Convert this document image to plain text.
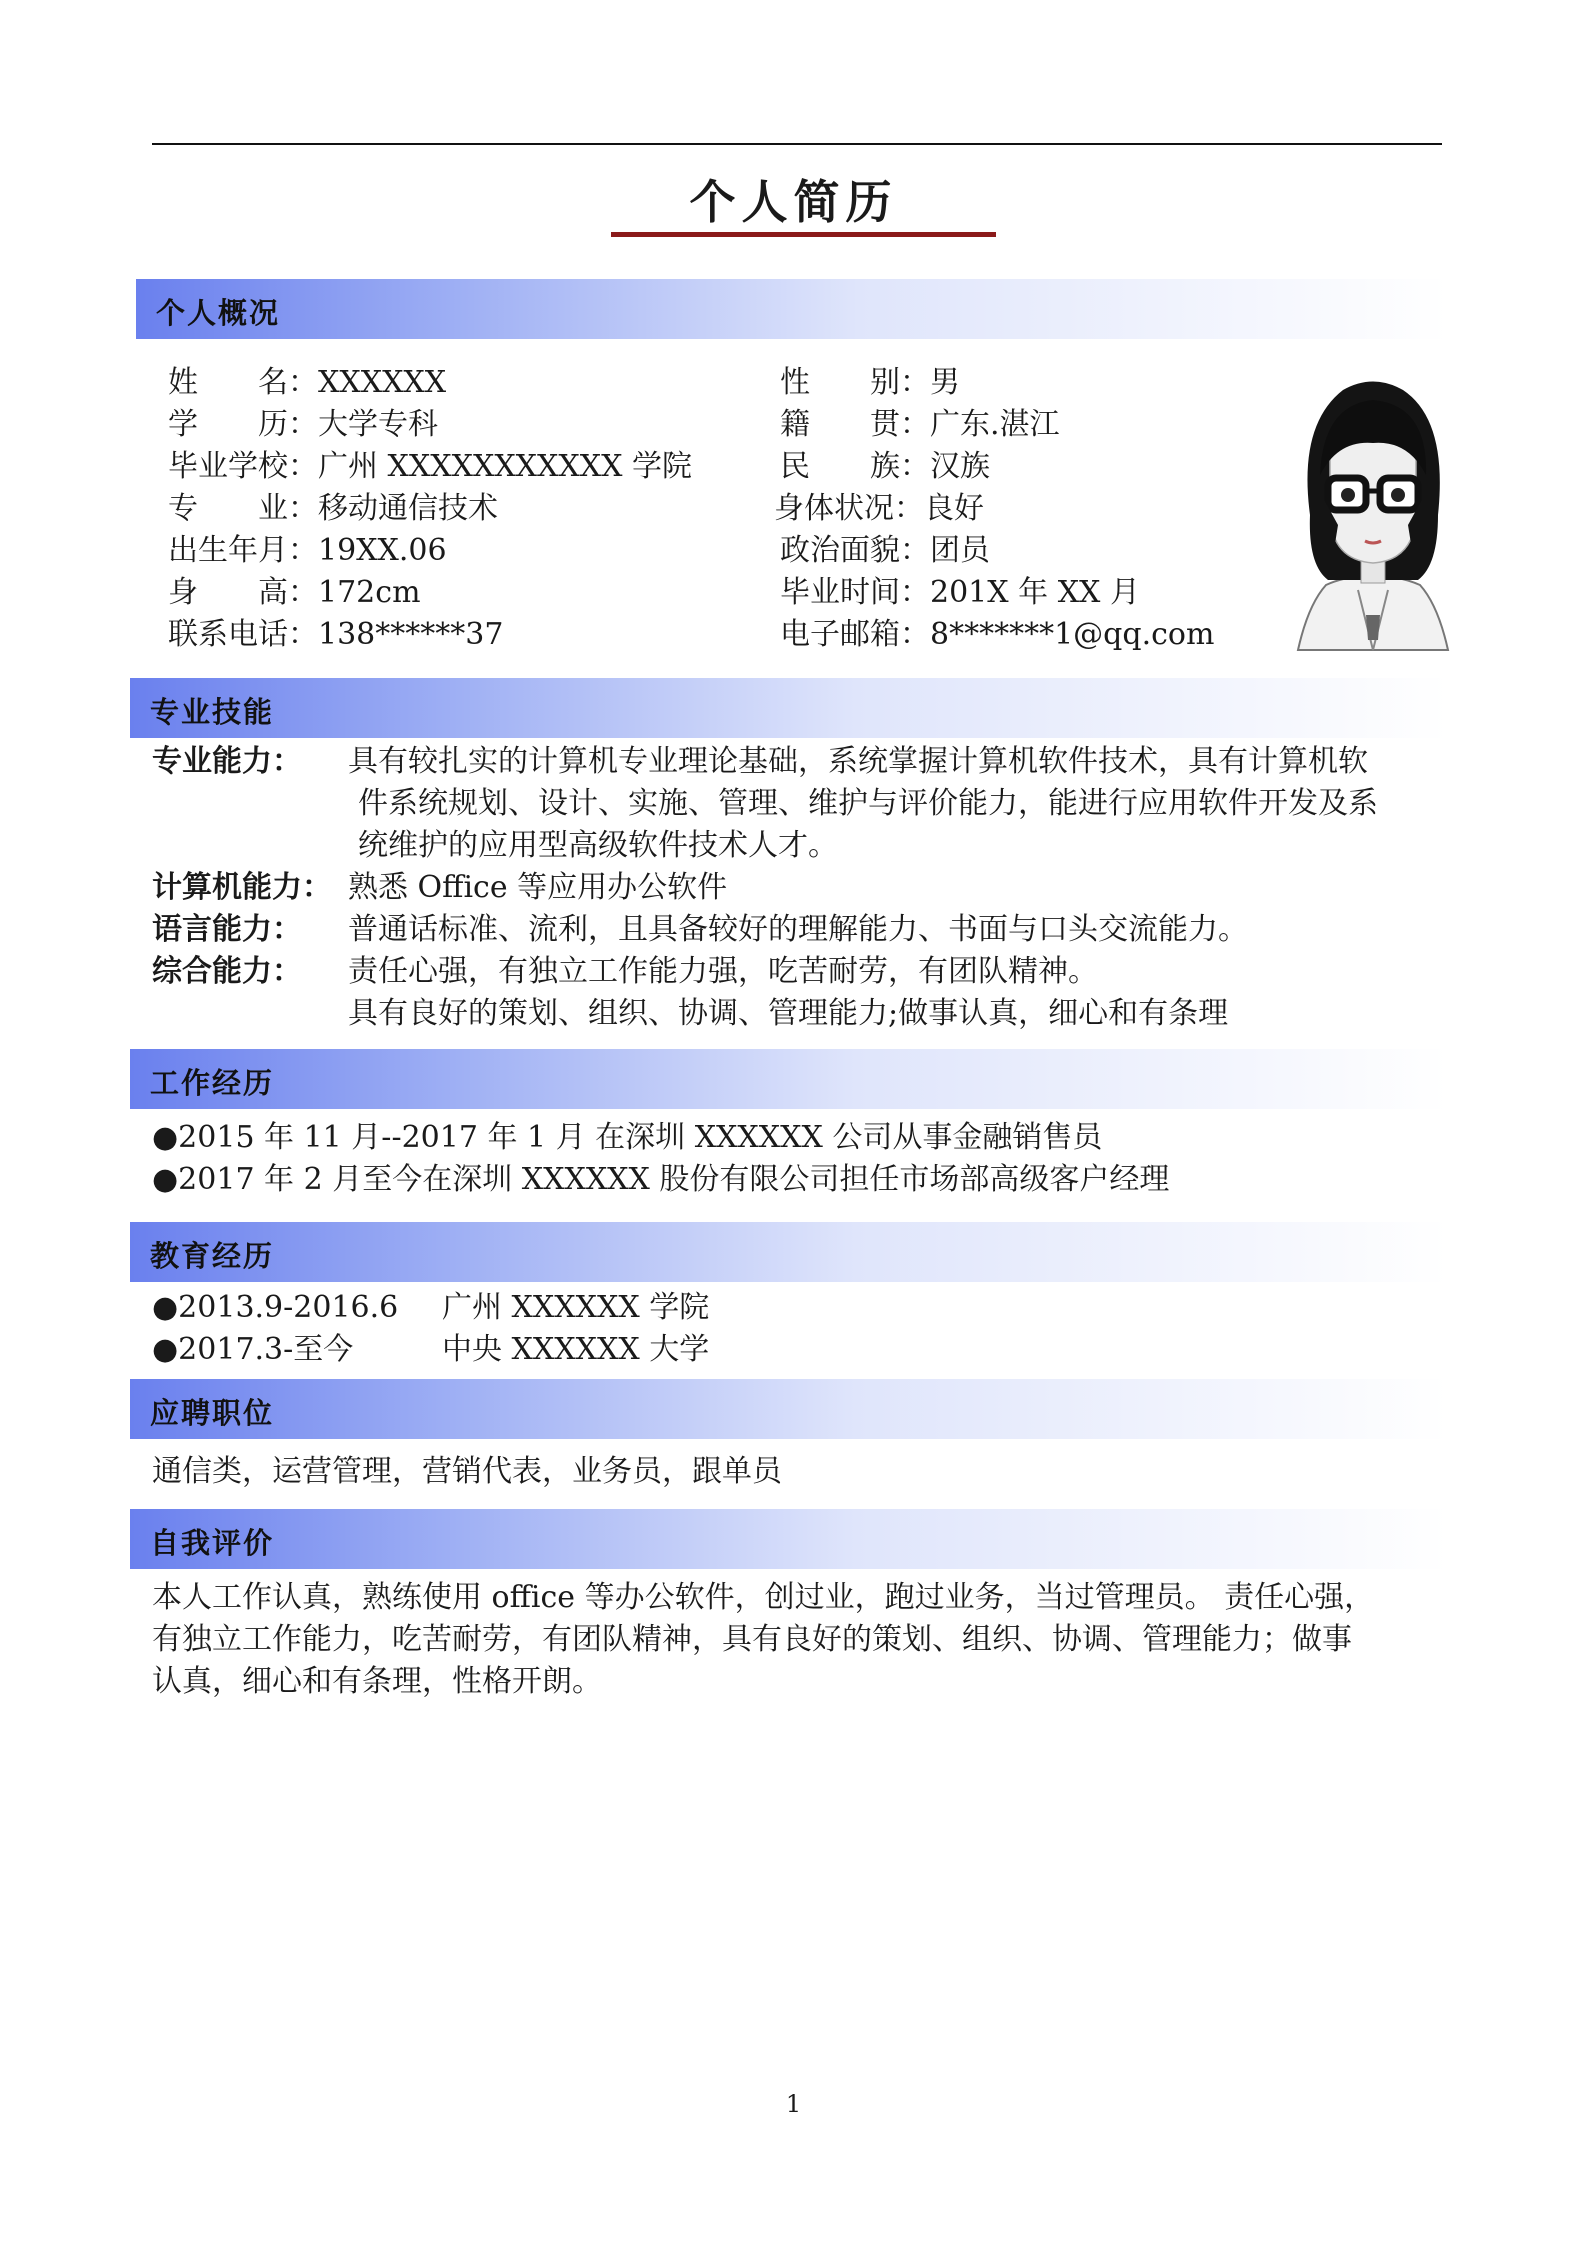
个人简历
个人概况
姓　　名：XXXXXX
学　　历：大学专科
毕业学校：广州 XXXXXXXXXXX 学院
专　　业：移动通信技术
出生年月：19XX.06
身　　高：172cm
联系电话：138******37
性　　别：男
籍　　贯：广东.湛江
民　　族：汉族
身体状况：良好
政治面貌：团员
毕业时间：201X 年 XX 月
电子邮箱：8*******1@qq.com
专业技能
专业能力： 具有较扎实的计算机专业理论基础，系统掌握计算机软件技术，具有计算机软
件系统规划、设计、实施、管理、维护与评价能力，能进行应用软件开发及系
统维护的应用型高级软件技术人才。
计算机能力： 熟悉 Office 等应用办公软件
语言能力： 普通话标准、流利，且具备较好的理解能力、书面与口头交流能力。
综合能力： 责任心强，有独立工作能力强，吃苦耐劳，有团队精神。
具有良好的策划、组织、协调、管理能力;做事认真，细心和有条理
工作经历
●2015 年 11 月--2017 年 1 月 在深圳 XXXXXX 公司从事金融销售员
●2017 年 2 月至今在深圳 XXXXXX 股份有限公司担任市场部高级客户经理
教育经历
●2013.9-2016.6 广州 XXXXXX 学院
●2017.3-至今	中央 XXXXXX 大学
应聘职位
通信类，运营管理，营销代表，业务员，跟单员
自我评价
本人工作认真，熟练使用 office 等办公软件，创过业，跑过业务，当过管理员。 责任心强，
有独立工作能力，吃苦耐劳，有团队精神，具有良好的策划、组织、协调、管理能力；做事
认真，细心和有条理，性格开朗。
1
